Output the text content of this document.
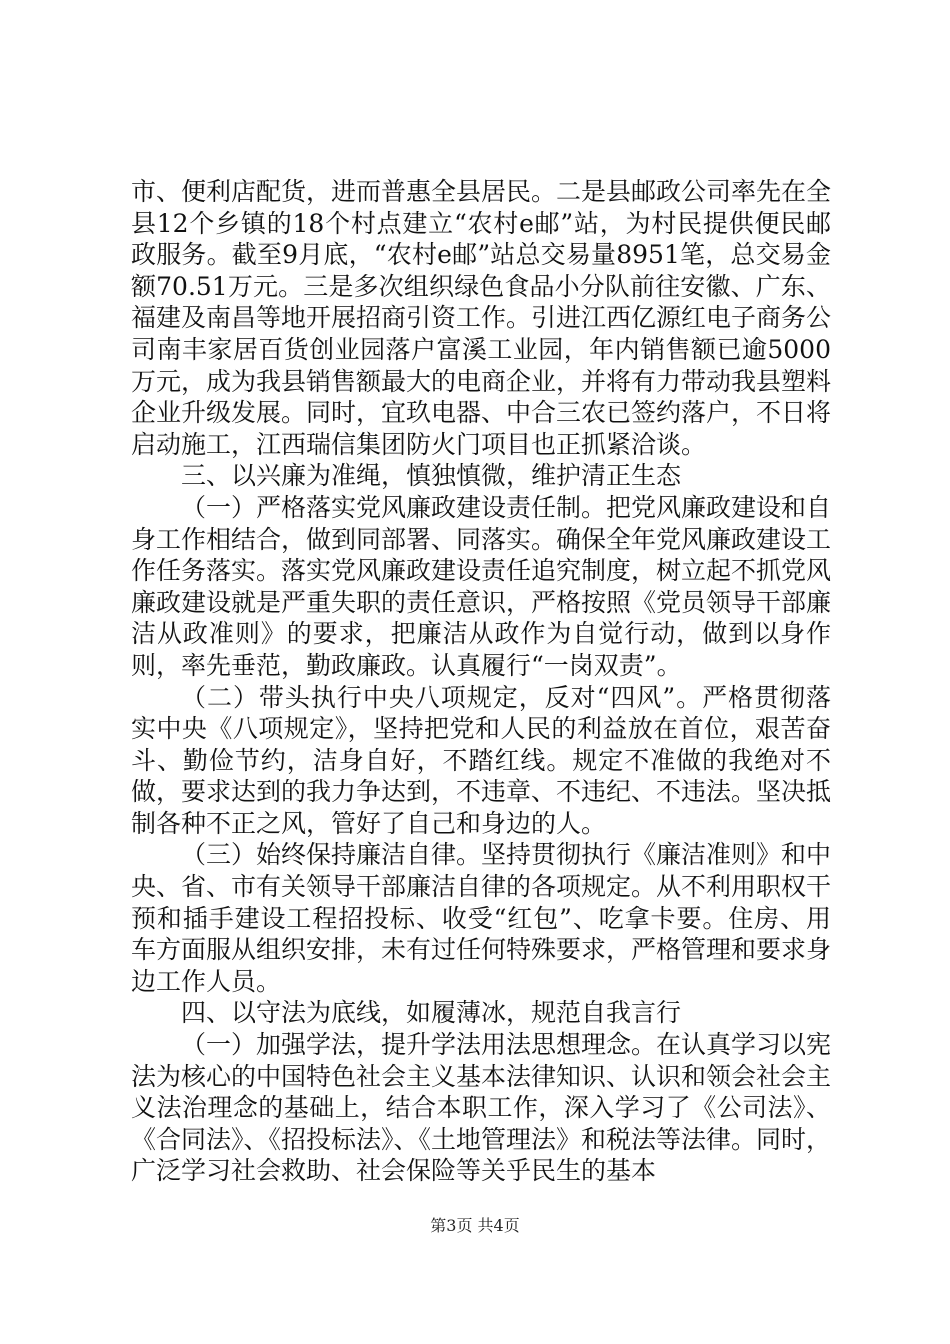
市、便利店配货，进而普惠全县居民。二是县邮政公司率先在全县12个乡镇的18个村点建立“农村e邮”站，为村民提供便民邮政服务。截至9月底，“农村e邮”站总交易量8951笔，总交易金额70.51万元。三是多次组织绿色食品小分队前往安徽、广东、福建及南昌等地开展招商引资工作。引进江西亿源红电子商务公司南丰家居百货创业园落户富溪工业园，年内销售额已逾5000万元，成为我县销售额最大的电商企业，并将有力带动我县塑料企业升级发展。同时，宜玖电器、中合三农已签约落户，不日将启动施工，江西瑞信集团防火门项目也正抓紧洽谈。

三、以兴廉为准绳，慎独慎微，维护清正生态

（一）严格落实党风廉政建设责任制。把党风廉政建设和自身工作相结合，做到同部署、同落实。确保全年党风廉政建设工作任务落实。落实党风廉政建设责任追究制度，树立起不抓党风廉政建设就是严重失职的责任意识，严格按照《党员领导干部廉洁从政准则》的要求，把廉洁从政作为自觉行动，做到以身作则，率先垂范，勤政廉政。认真履行“一岗双责”。

（二）带头执行中央八项规定，反对“四风”。严格贯彻落实中央《八项规定》，坚持把党和人民的利益放在首位，艰苦奋斗、勤俭节约，洁身自好，不踏红线。规定不准做的我绝对不做，要求达到的我力争达到，不违章、不违纪、不违法。坚决抵制各种不正之风，管好了自己和身边的人。

（三）始终保持廉洁自律。坚持贯彻执行《廉洁准则》和中央、省、市有关领导干部廉洁自律的各项规定。从不利用职权干预和插手建设工程招投标、收受“红包”、吃拿卡要。住房、用车方面服从组织安排，未有过任何特殊要求，严格管理和要求身边工作人员。

四、以守法为底线，如履薄冰，规范自我言行

（一）加强学法，提升学法用法思想理念。在认真学习以宪法为核心的中国特色社会主义基本法律知识、认识和领会社会主义法治理念的基础上，结合本职工作，深入学习了《公司法》、《合同法》、《招投标法》、《土地管理法》和税法等法律。同时，广泛学习社会救助、社会保险等关乎民生的基本

第3页 共4页
